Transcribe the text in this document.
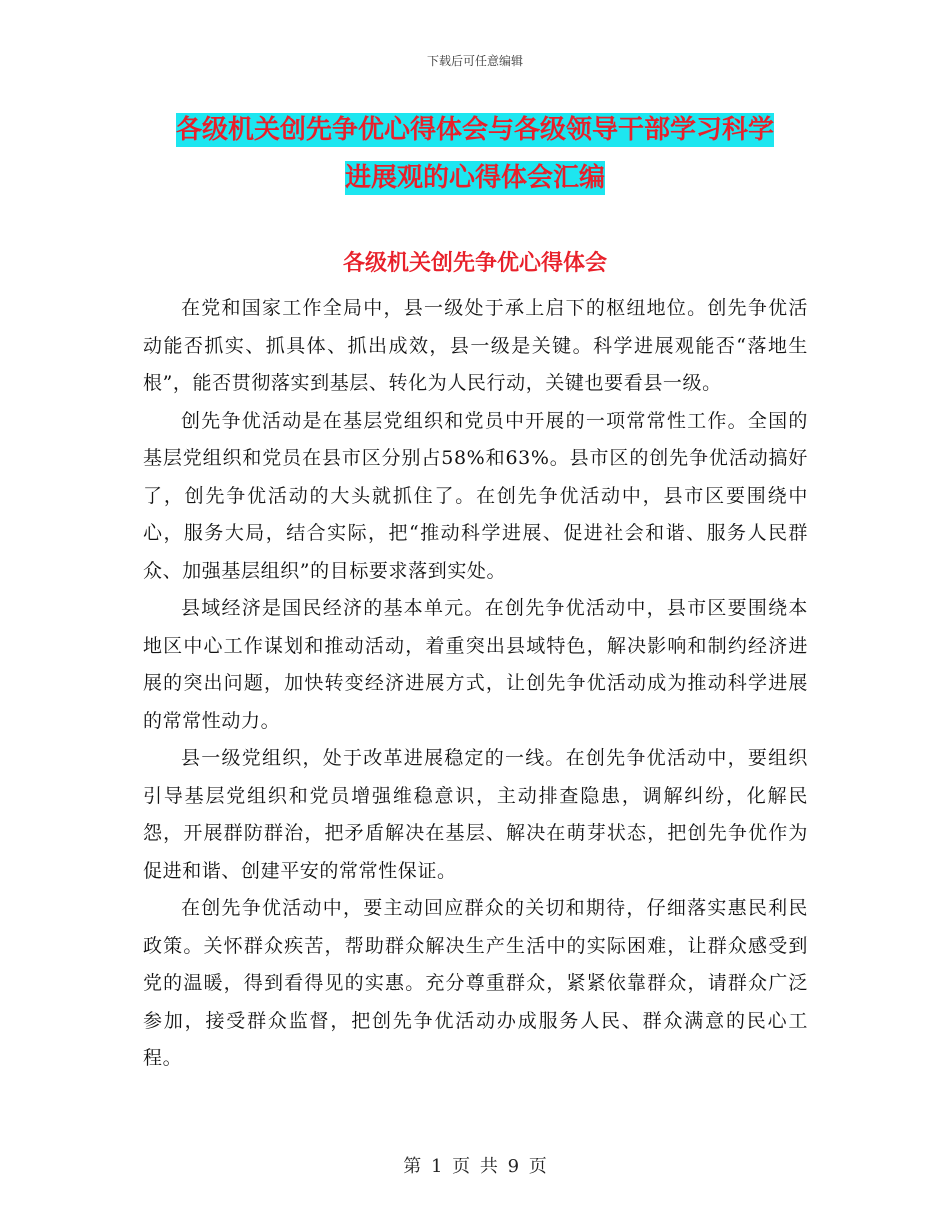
下载后可任意编辑
各级机关创先争优心得体会与各级领导干部学习科学
进展观的心得体会汇编
各级机关创先争优心得体会

在党和国家工作全局中，县一级处于承上启下的枢纽地位。创先争优活动能否抓实、抓具体、抓出成效，县一级是关键。科学进展观能否“落地生根”，能否贯彻落实到基层、转化为人民行动，关键也要看县一级。

创先争优活动是在基层党组织和党员中开展的一项常常性工作。全国的基层党组织和党员在县市区分别占58%和63%。县市区的创先争优活动搞好了，创先争优活动的大头就抓住了。在创先争优活动中，县市区要围绕中心，服务大局，结合实际，把“推动科学进展、促进社会和谐、服务人民群众、加强基层组织”的目标要求落到实处。

县域经济是国民经济的基本单元。在创先争优活动中，县市区要围绕本地区中心工作谋划和推动活动，着重突出县域特色，解决影响和制约经济进展的突出问题，加快转变经济进展方式，让创先争优活动成为推动科学进展的常常性动力。

县一级党组织，处于改革进展稳定的一线。在创先争优活动中，要组织引导基层党组织和党员增强维稳意识，主动排查隐患，调解纠纷，化解民怨，开展群防群治，把矛盾解决在基层、解决在萌芽状态，把创先争优作为促进和谐、创建平安的常常性保证。

在创先争优活动中，要主动回应群众的关切和期待，仔细落实惠民利民政策。关怀群众疾苦，帮助群众解决生产生活中的实际困难，让群众感受到党的温暖，得到看得见的实惠。充分尊重群众，紧紧依靠群众，请群众广泛参加，接受群众监督，把创先争优活动办成服务人民、群众满意的民心工程。

第 1 页 共 9 页
